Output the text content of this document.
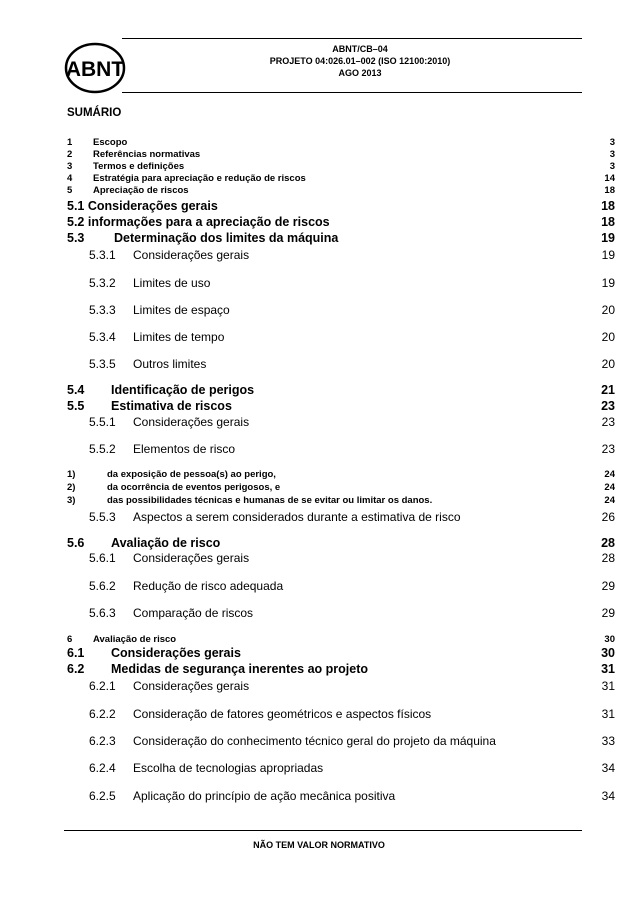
ABNT
ABNT/CB–04
PROJETO 04:026.01–002 (ISO 12100:2010)
AGO 2013
SUMÁRIO
1 Escopo	3
2 Referências normativas	3
3 Termos e definições	3
4 Estratégia para apreciação e redução de riscos	14
5 Apreciação de riscos	18
5.1 Considerações gerais	18
5.2 informações para a apreciação de riscos	18
5.3 Determinação dos limites da máquina	19
5.3.1 Considerações gerais	19
5.3.2 Limites de uso	19
5.3.3 Limites de espaço	20
5.3.4 Limites de tempo	20
5.3.5 Outros limites	20
5.4 Identificação de perigos	21
5.5 Estimativa de riscos	23
5.5.1 Considerações gerais	23
5.5.2 Elementos de risco	23
1)	da exposição de pessoa(s) ao perigo,	24
2)	da ocorrência de eventos perigosos, e	24
3)	das possibilidades técnicas e humanas de se evitar ou limitar os danos.	24
5.5.3 Aspectos a serem considerados durante a estimativa de risco	26
5.6 Avaliação de risco	28
5.6.1 Considerações gerais	28
5.6.2 Redução de risco adequada	29
5.6.3 Comparação de riscos	29
6 Avaliação de risco	30
6.1 Considerações gerais	30
6.2 Medidas de segurança inerentes ao projeto	31
6.2.1 Considerações gerais	31
6.2.2 Consideração de fatores geométricos e aspectos físicos	31
6.2.3 Consideração do conhecimento técnico geral do projeto da máquina	33
6.2.4 Escolha de tecnologias apropriadas	34
6.2.5 Aplicação do princípio de ação mecânica positiva	34
NÃO TEM VALOR NORMATIVO
